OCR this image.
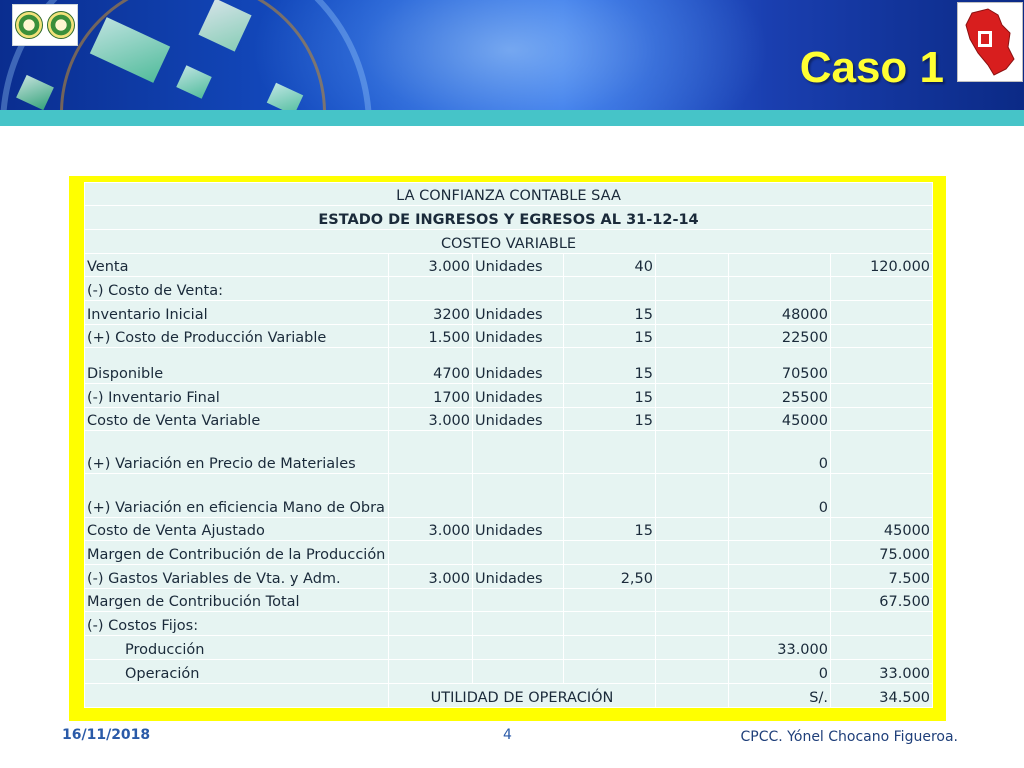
Caso 1
LA CONFIANZA CONTABLE SAA						
ESTADO DE INGRESOS Y EGRESOS AL 31-12-14						
COSTEO VARIABLE						
Venta	3.000	Unidades	40			120.000
(-) Costo de Venta:						
Inventario Inicial	3200	Unidades	15		48000	
(+) Costo de Producción Variable	1.500	Unidades	15		22500	
Disponible	4700	Unidades	15		70500	
(-) Inventario Final	1700	Unidades	15		25500	
Costo de Venta Variable	3.000	Unidades	15		45000	
(+) Variación en Precio de Materiales					0	
(+) Variación en eficiencia Mano de Obra					0	
Costo de Venta Ajustado	3.000	Unidades	15			45000
Margen de Contribución de la Producción						75.000
(-) Gastos Variables de Vta. y Adm.	3.000	Unidades	2,50			7.500
Margen de Contribución Total						67.500
(-) Costos Fijos:						
Producción					33.000	
Operación					0	33.000
	UTILIDAD DE OPERACIÓN				S/.	34.500
16/11/2018	4	CPCC. Yónel Chocano Figueroa.
